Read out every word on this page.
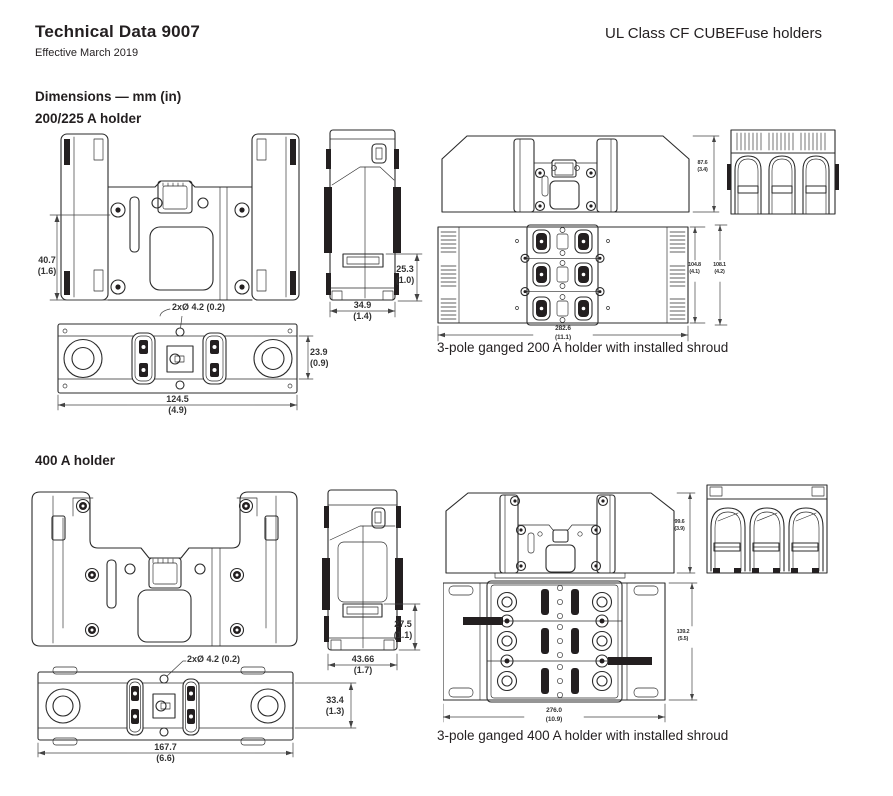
Technical Data 9007
Effective March 2019
UL Class CF CUBEFuse holders
Dimensions — mm (in)
200/225 A holder
40.7
(1.6)
2xØ 4.2 (0.2)
25.3
(1.0)
34.9
(1.4)
87.6
(3.4)
104.8
(4.1)
108.1
(4.2)
282.6
(11.1)
3-pole ganged 200 A holder with installed shroud
23.9
(0.9)
124.5
(4.9)
400 A holder
27.5
(1.1)
43.66
(1.7)
99.6
(3.9)
139.2
(5.5)
276.0
(10.9)
3-pole ganged 400 A holder with installed shroud
2xØ 4.2 (0.2)
33.4
(1.3)
167.7
(6.6)
